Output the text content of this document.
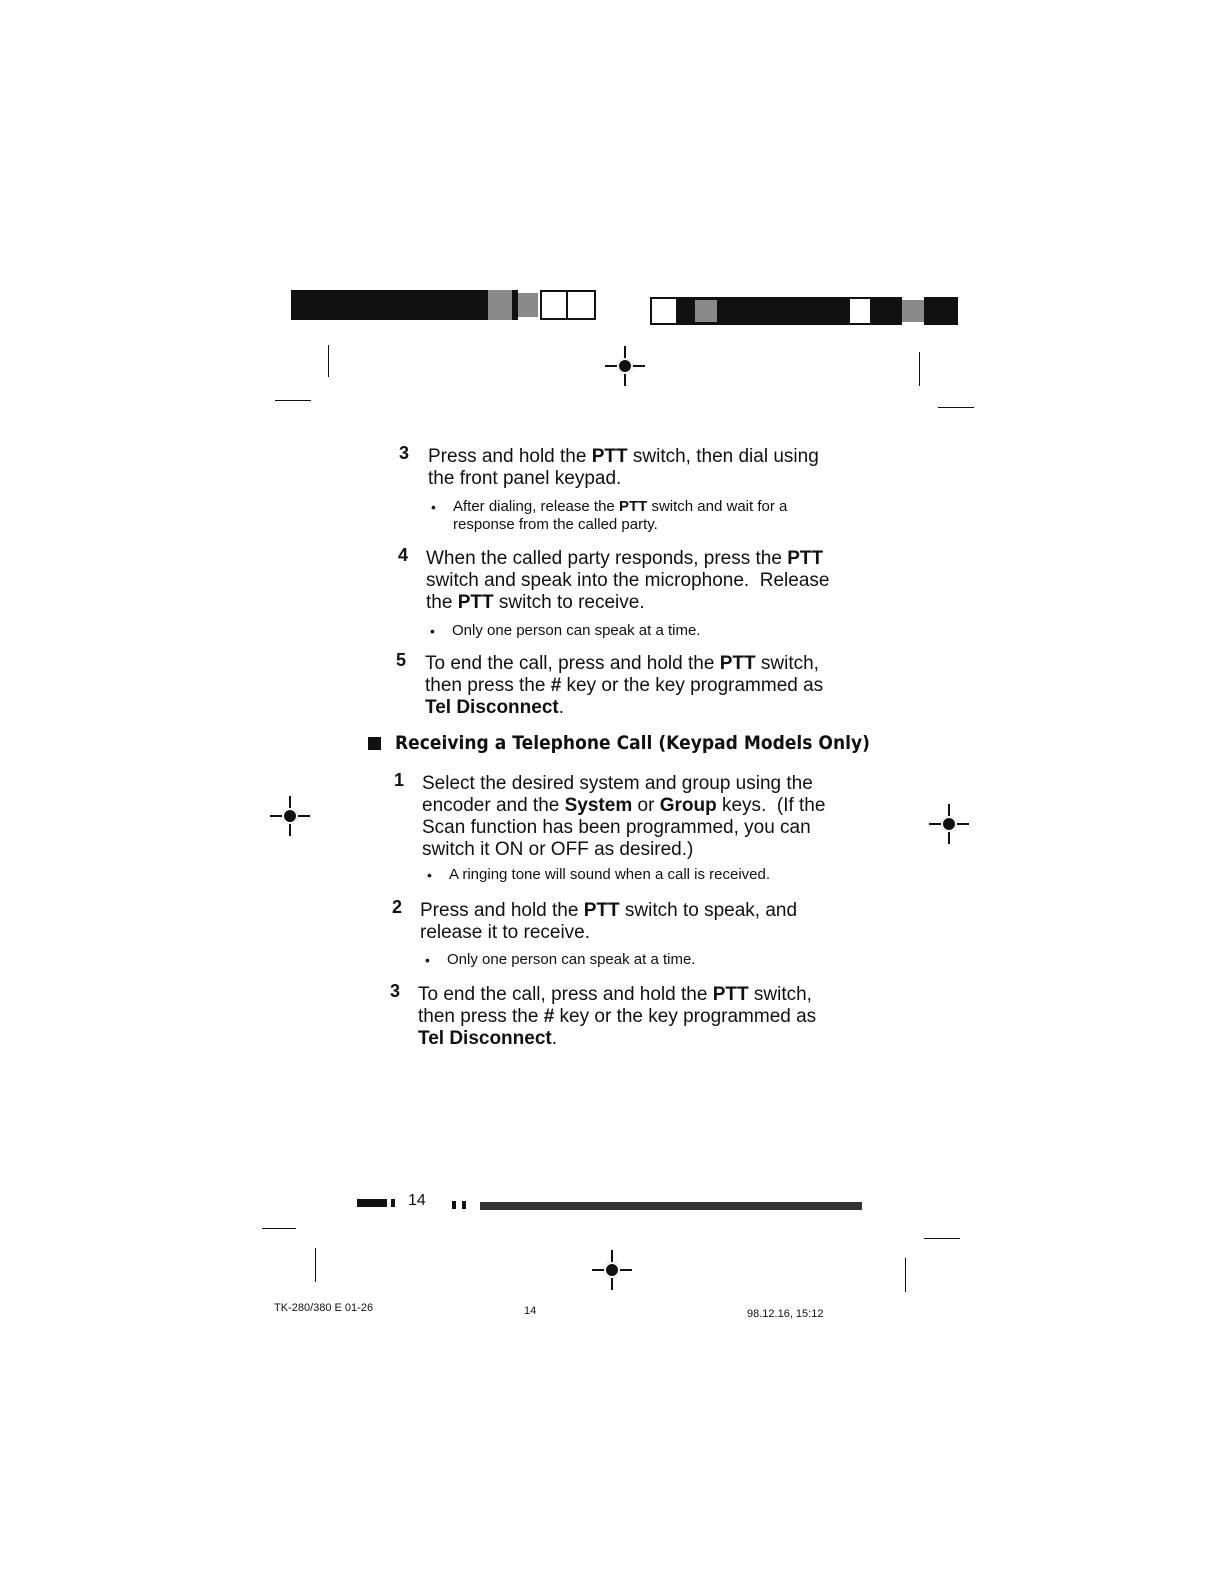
3 Press and hold the PTT switch, then dial using
the front panel keypad.
• After dialing, release the PTT switch and wait for a
response from the called party.
4 When the called party responds, press the PTT
switch and speak into the microphone.  Release
the PTT switch to receive.
• Only one person can speak at a time.
5 To end the call, press and hold the PTT switch,
then press the # key or the key programmed as
Tel Disconnect.
Receiving a Telephone Call (Keypad Models Only)
1 Select the desired system and group using the
encoder and the System or Group keys.  (If the
Scan function has been programmed, you can
switch it ON or OFF as desired.)
• A ringing tone will sound when a call is received.
2 Press and hold the PTT switch to speak, and
release it to receive.
• Only one person can speak at a time.
3 To end the call, press and hold the PTT switch,
then press the # key or the key programmed as
Tel Disconnect.
14
TK-280/380 E 01-26	14	98.12.16, 15:12
